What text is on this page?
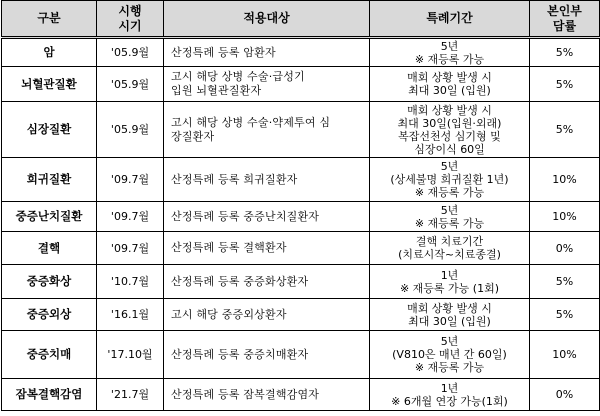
구분	시행
시기	적용대상	특례기간	본인부
담률

암	'05.9월	산정특례 등록 암환자	5년
※ 재등록 가능	5%
뇌혈관질환	'05.9월	고시 해당 상병 수술·급성기
입원 뇌혈관질환자	매회 상황 발생 시
최대 30일 (입원)	5%
심장질환	'05.9월	고시 해당 상병 수술·약제투여 심
장질환자	매회 상황 발생 시
최대 30일(입원·외래)
복잡선천성 심기형 및
심장이식 60일	5%
희귀질환	'09.7월	산정특례 등록 희귀질환자	5년
(상세불명 희귀질환 1년)
※ 재등록 가능	10%
중증난치질환	'09.7월	산정특례 등록 중증난치질환자	5년
※ 재등록 가능	10%
결핵	'09.7월	산정특례 등록 결핵환자	결핵 치료기간
(치료시작~치료종결)	0%
중증화상	'10.7월	산정특례 등록 중증화상환자	1년
※ 재등록 가능 (1회)	5%
중증외상	'16.1월	고시 해당 중증외상환자	매회 상황 발생 시
최대 30일 (입원)	5%
중증치매	'17.10월	산정특례 등록 중증치매환자	5년
(V810은 매년 간 60일)
※ 재등록 가능	10%
잠복결핵감염	'21.7월	산정특례 등록 잠복결핵감염자	1년
※ 6개월 연장 가능(1회)	0%
